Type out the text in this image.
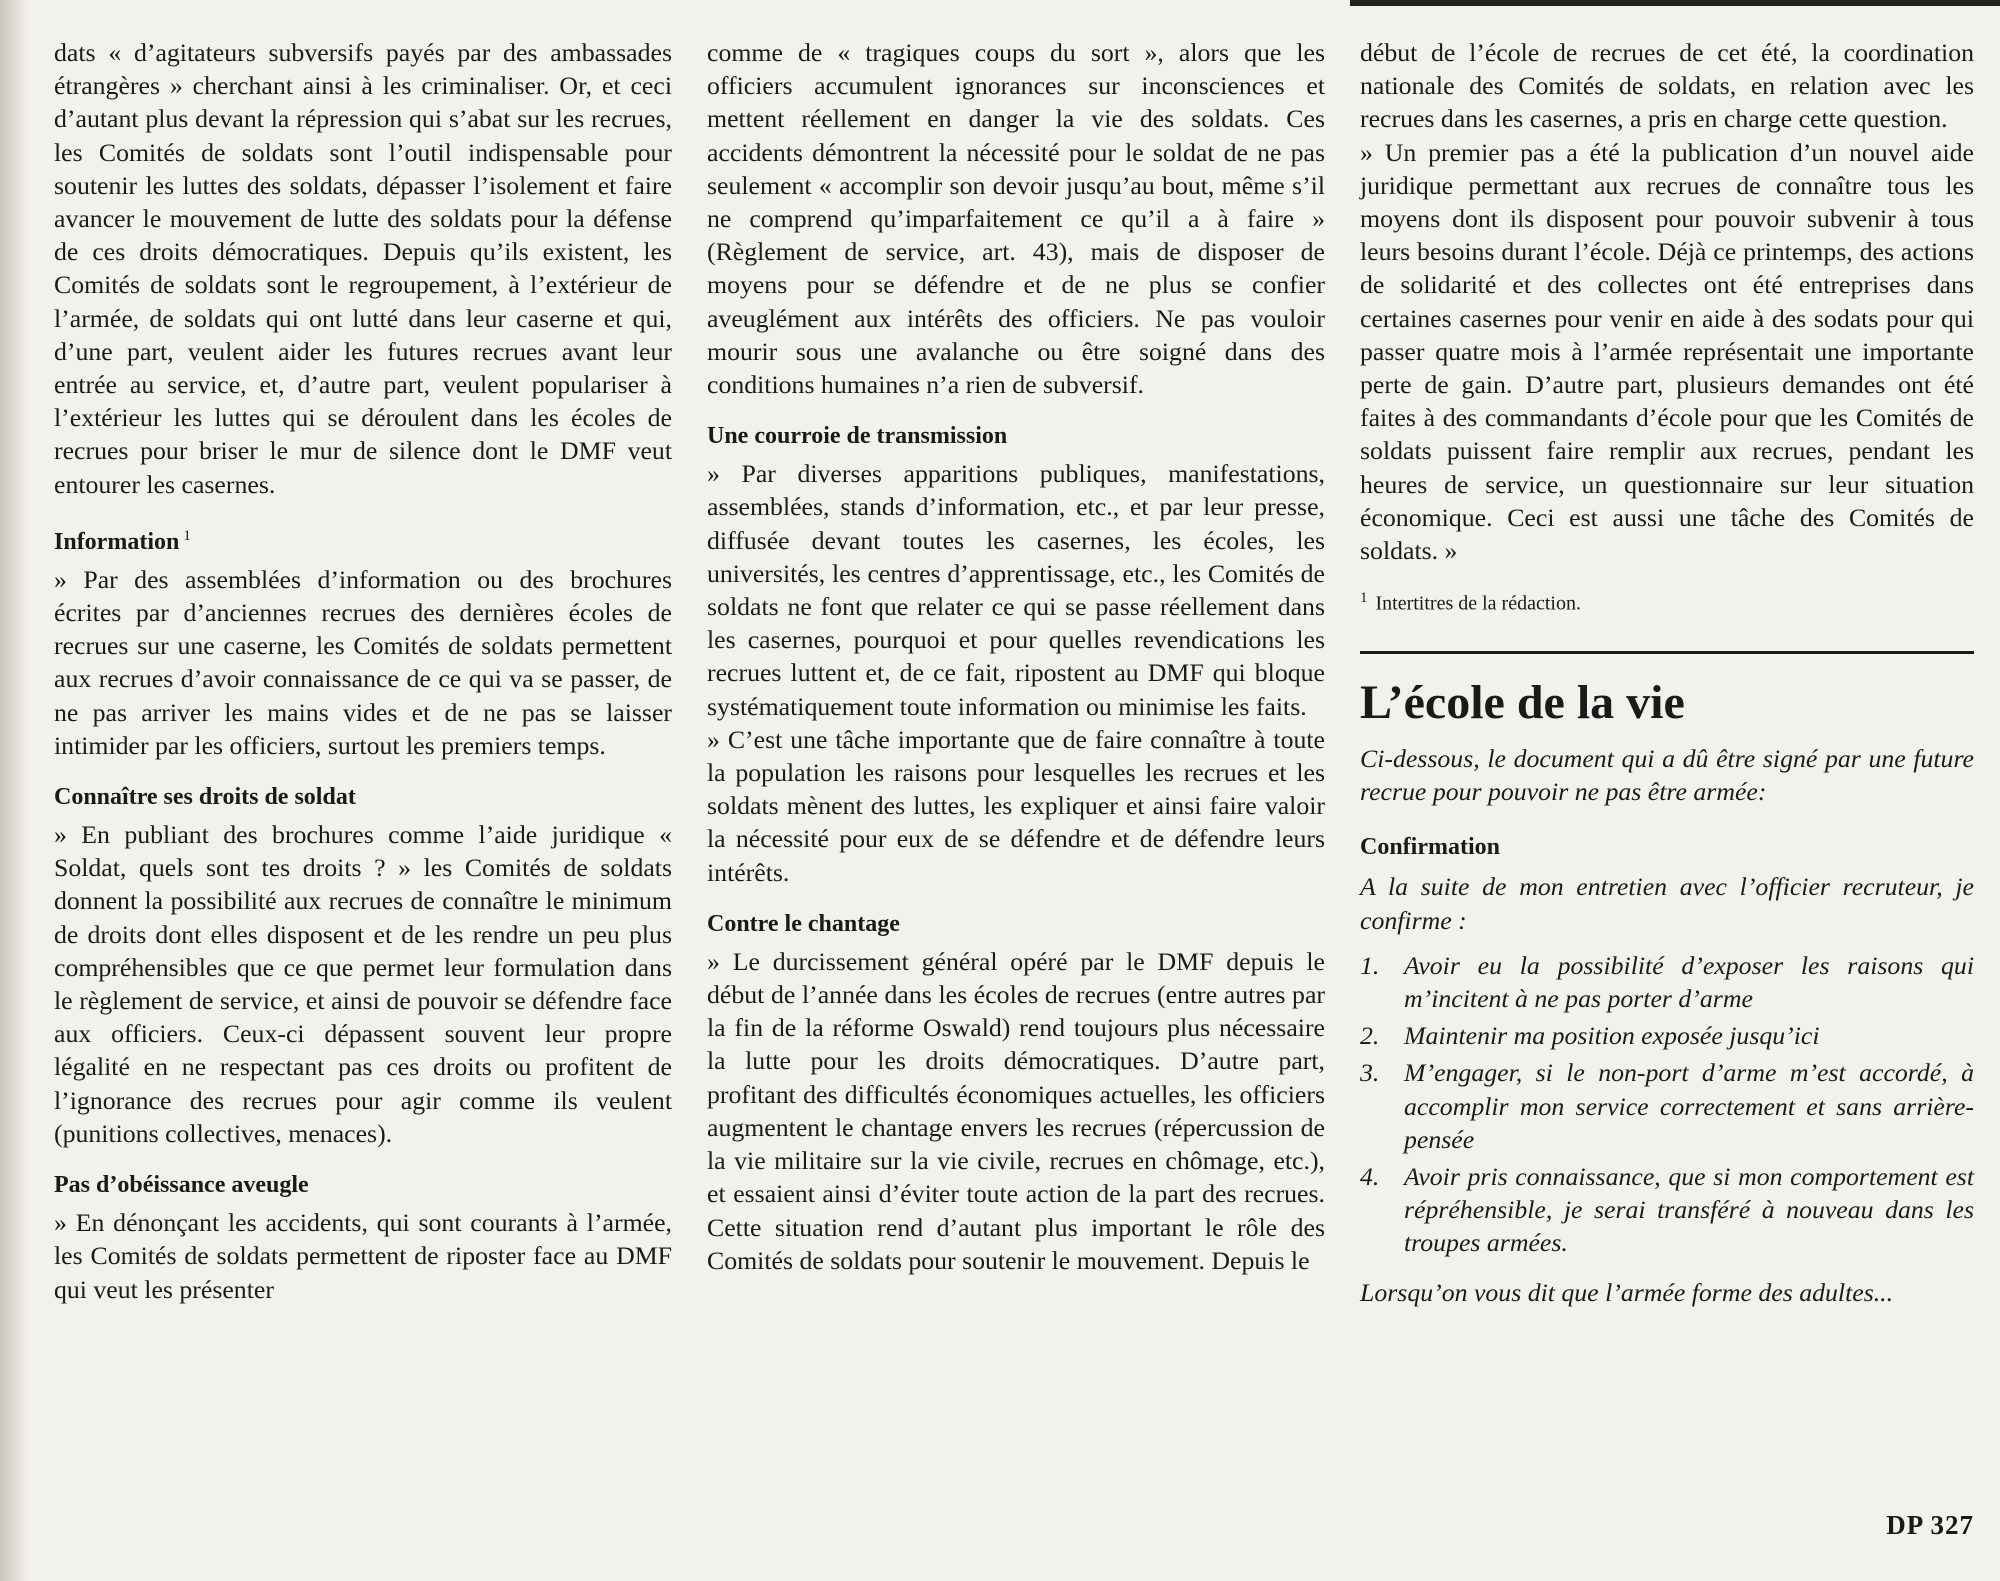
dats « d’agitateurs subversifs payés par des ambassades étrangères » cherchant ainsi à les criminaliser. Or, et ceci d’autant plus devant la répression qui s’abat sur les recrues, les Comités de soldats sont l’outil indispensable pour soutenir les luttes des soldats, dépasser l’isolement et faire avancer le mouvement de lutte des soldats pour la défense de ces droits démocratiques. Depuis qu’ils existent, les Comités de soldats sont le regroupement, à l’extérieur de l’armée, de soldats qui ont lutté dans leur caserne et qui, d’une part, veulent aider les futures recrues avant leur entrée au service, et, d’autre part, veulent populariser à l’extérieur les luttes qui se déroulent dans les écoles de recrues pour briser le mur de silence dont le DMF veut entourer les casernes.

Information $^1$

» Par des assemblées d’information ou des brochures écrites par d’anciennes recrues des dernières écoles de recrues sur une caserne, les Comités de soldats permettent aux recrues d’avoir connaissance de ce qui va se passer, de ne pas arriver les mains vides et de ne pas se laisser intimider par les officiers, surtout les premiers temps.

Connaître ses droits de soldat

» En publiant des brochures comme l’aide juridique « Soldat, quels sont tes droits ? » les Comités de soldats donnent la possibilité aux recrues de connaître le minimum de droits dont elles disposent et de les rendre un peu plus compréhensibles que ce que permet leur formulation dans le règlement de service, et ainsi de pouvoir se défendre face aux officiers. Ceux-ci dépassent souvent leur propre légalité en ne respectant pas ces droits ou profitent de l’ignorance des recrues pour agir comme ils veulent (punitions collectives, menaces).

Pas d’obéissance aveugle

» En dénonçant les accidents, qui sont courants à l’armée, les Comités de soldats permettent de riposter face au DMF qui veut les présenter

comme de « tragiques coups du sort », alors que les officiers accumulent ignorances sur inconsciences et mettent réellement en danger la vie des soldats. Ces accidents démontrent la nécessité pour le soldat de ne pas seulement « accomplir son devoir jusqu’au bout, même s’il ne comprend qu’imparfaitement ce qu’il a à faire » (Règlement de service, art. 43), mais de disposer de moyens pour se défendre et de ne plus se confier aveuglément aux intérêts des officiers. Ne pas vouloir mourir sous une avalanche ou être soigné dans des conditions humaines n’a rien de subversif.

Une courroie de transmission

» Par diverses apparitions publiques, manifestations, assemblées, stands d’information, etc., et par leur presse, diffusée devant toutes les casernes, les écoles, les universités, les centres d’apprentissage, etc., les Comités de soldats ne font que relater ce qui se passe réellement dans les casernes, pourquoi et pour quelles revendications les recrues luttent et, de ce fait, ripostent au DMF qui bloque systématiquement toute information ou minimise les faits.

» C’est une tâche importante que de faire connaître à toute la population les raisons pour lesquelles les recrues et les soldats mènent des luttes, les expliquer et ainsi faire valoir la nécessité pour eux de se défendre et de défendre leurs intérêts.

Contre le chantage

» Le durcissement général opéré par le DMF depuis le début de l’année dans les écoles de recrues (entre autres par la fin de la réforme Oswald) rend toujours plus nécessaire la lutte pour les droits démocratiques. D’autre part, profitant des difficultés économiques actuelles, les officiers augmentent le chantage envers les recrues (répercussion de la vie militaire sur la vie civile, recrues en chômage, etc.), et essaient ainsi d’éviter toute action de la part des recrues. Cette situation rend d’autant plus important le rôle des Comités de soldats pour soutenir le mouvement. Depuis le

début de l’école de recrues de cet été, la coordination nationale des Comités de soldats, en relation avec les recrues dans les casernes, a pris en charge cette question.

» Un premier pas a été la publication d’un nouvel aide juridique permettant aux recrues de connaître tous les moyens dont ils disposent pour pouvoir subvenir à tous leurs besoins durant l’école. Déjà ce printemps, des actions de solidarité et des collectes ont été entreprises dans certaines casernes pour venir en aide à des sodats pour qui passer quatre mois à l’armée représentait une importante perte de gain. D’autre part, plusieurs demandes ont été faites à des commandants d’école pour que les Comités de soldats puissent faire remplir aux recrues, pendant les heures de service, un questionnaire sur leur situation économique. Ceci est aussi une tâche des Comités de soldats. »

$^1$ Intertitres de la rédaction.

L’école de la vie

Ci-dessous, le document qui a dû être signé par une future recrue pour pouvoir ne pas être armée:

Confirmation

A la suite de mon entretien avec l’officier recruteur, je confirme :

1. Avoir eu la possibilité d’exposer les raisons qui m’incitent à ne pas porter d’arme
2. Maintenir ma position exposée jusqu’ici
3. M’engager, si le non-port d’arme m’est accordé, à accomplir mon service correctement et sans arrière-pensée
4. Avoir pris connaissance, que si mon comportement est répréhensible, je serai transféré à nouveau dans les troupes armées.

Lorsqu’on vous dit que l’armée forme des adultes...

DP 327
